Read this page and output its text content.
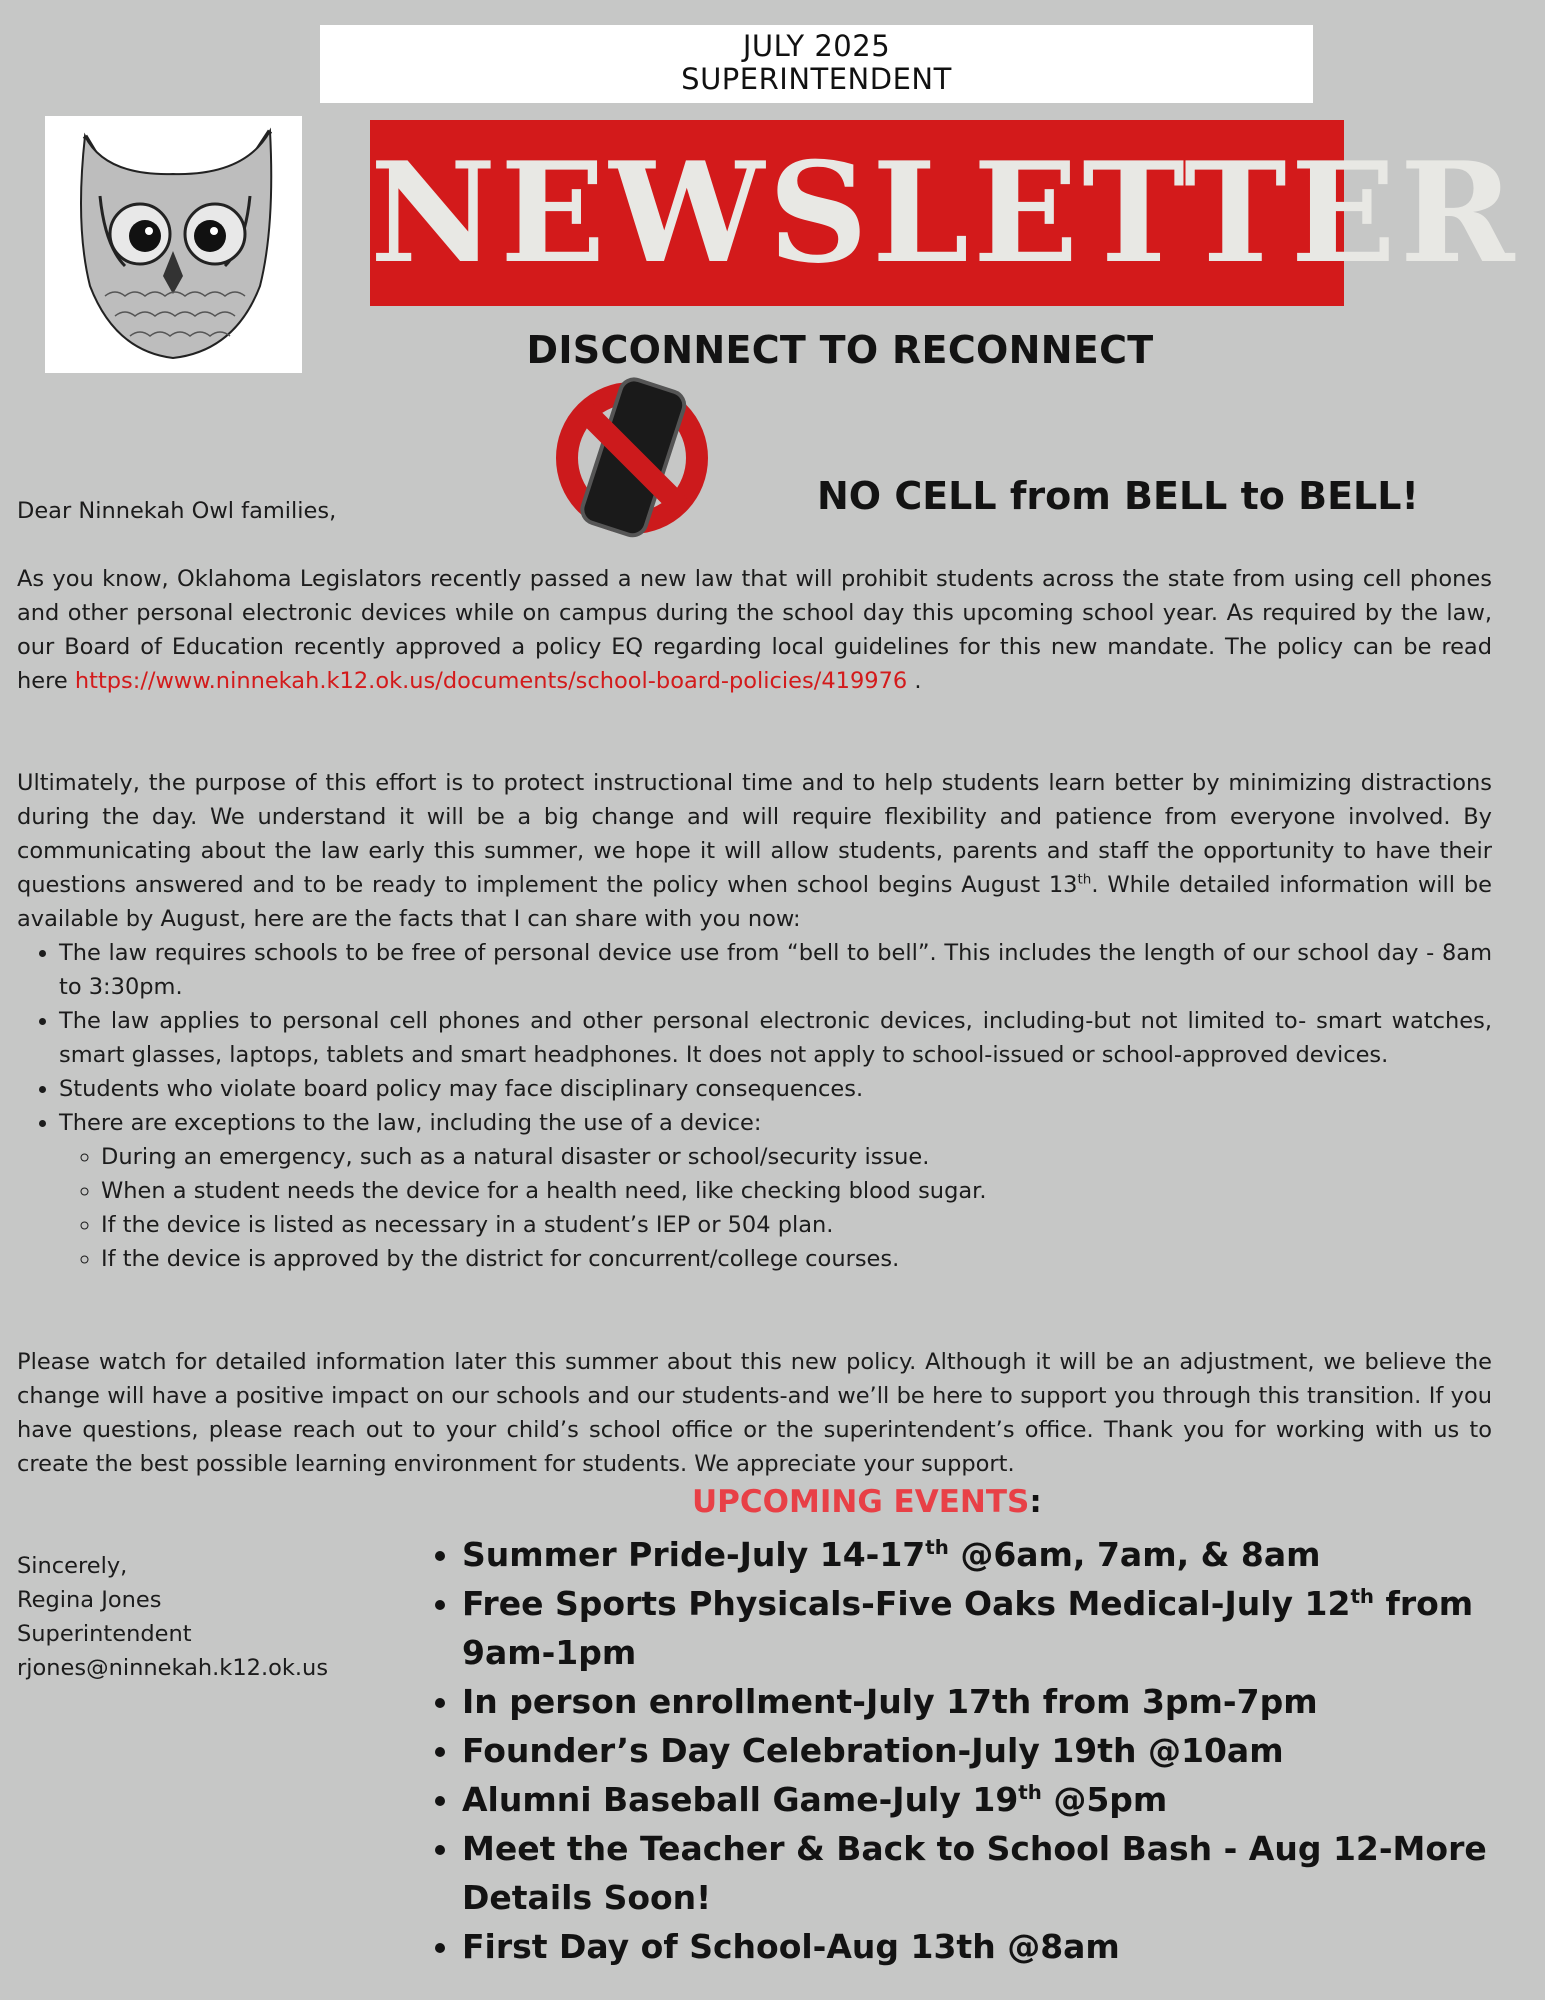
JULY 2025
SUPERINTENDENT
NEWSLETTER
DISCONNECT TO RECONNECT
NO CELL from BELL to BELL!
Dear Ninnekah Owl families,
As you know, Oklahoma Legislators recently passed a new law that will prohibit students across the state from using cell phones and other personal electronic devices while on campus during the school day this upcoming school year. As required by the law, our Board of Education recently approved a policy EQ regarding local guidelines for this new mandate. The policy can be read here https://www.ninnekah.k12.ok.us/documents/school-board-policies/419976 .
Ultimately, the purpose of this effort is to protect instructional time and to help students learn better by minimizing distractions during the day. We understand it will be a big change and will require flexibility and patience from everyone involved. By communicating about the law early this summer, we hope it will allow students, parents and staff the opportunity to have their questions answered and to be ready to implement the policy when school begins August 13th. While detailed information will be available by August, here are the facts that I can share with you now:
• The law requires schools to be free of personal device use from “bell to bell”. This includes the length of our school day - 8am to 3:30pm.
• The law applies to personal cell phones and other personal electronic devices, including-but not limited to- smart watches, smart glasses, laptops, tablets and smart headphones. It does not apply to school-issued or school-approved devices.
• Students who violate board policy may face disciplinary consequences.
• There are exceptions to the law, including the use of a device:
◦ During an emergency, such as a natural disaster or school/security issue.
◦ When a student needs the device for a health need, like checking blood sugar.
◦ If the device is listed as necessary in a student’s IEP or 504 plan.
◦ If the device is approved by the district for concurrent/college courses.
Please watch for detailed information later this summer about this new policy. Although it will be an adjustment, we believe the change will have a positive impact on our schools and our students-and we’ll be here to support you through this transition. If you have questions, please reach out to your child’s school office or the superintendent’s office. Thank you for working with us to create the best possible learning environment for students. We appreciate your support.
Sincerely,
Regina Jones
Superintendent
rjones@ninnekah.k12.ok.us
UPCOMING EVENTS:
• Summer Pride-July 14-17th @6am, 7am, & 8am
• Free Sports Physicals-Five Oaks Medical-July 12th from 9am-1pm
• In person enrollment-July 17th from 3pm-7pm
• Founder’s Day Celebration-July 19th @10am
• Alumni Baseball Game-July 19th @5pm
• Meet the Teacher & Back to School Bash - Aug 12-More Details Soon!
• First Day of School-Aug 13th @8am
